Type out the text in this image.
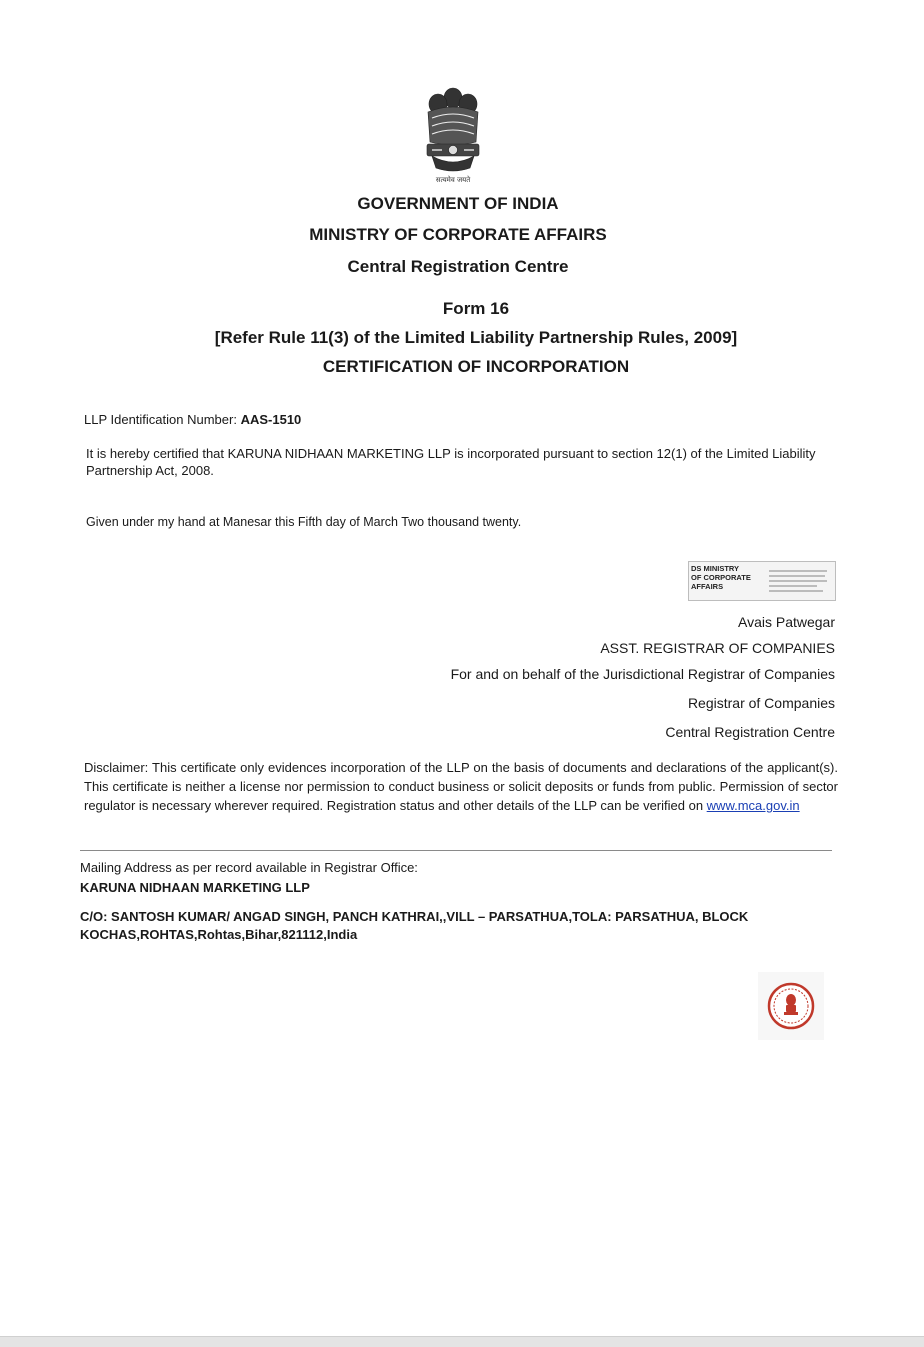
सत्यमेव जयते
GOVERNMENT OF INDIA
MINISTRY OF CORPORATE AFFAIRS
Central Registration Centre
Form 16
[Refer Rule 11(3) of the Limited Liability Partnership Rules, 2009]
CERTIFICATION OF INCORPORATION
LLP Identification Number: AAS-1510
It is hereby certified that KARUNA NIDHAAN MARKETING LLP is incorporated pursuant to section 12(1) of the Limited Liability Partnership Act, 2008.
Given under my hand at Manesar this Fifth day of March Two thousand twenty.
DS MINISTRY
OF CORPORATE
AFFAIRS
Avais Patwegar
ASST. REGISTRAR OF COMPANIES
For and on behalf of the Jurisdictional Registrar of Companies
Registrar of Companies
Central Registration Centre
Disclaimer: This certificate only evidences incorporation of the LLP on the basis of documents and declarations of the applicant(s). This certificate is neither a license nor permission to conduct business or solicit deposits or funds from public. Permission of sector regulator is necessary wherever required. Registration status and other details of the LLP can be verified on www.mca.gov.in
Mailing Address as per record available in Registrar Office:
KARUNA NIDHAAN MARKETING LLP
C/O: SANTOSH KUMAR/ ANGAD SINGH, PANCH KATHRAI,,VILL – PARSATHUA,TOLA: PARSATHUA, BLOCK KOCHAS,ROHTAS,Rohtas,Bihar,821112,India
